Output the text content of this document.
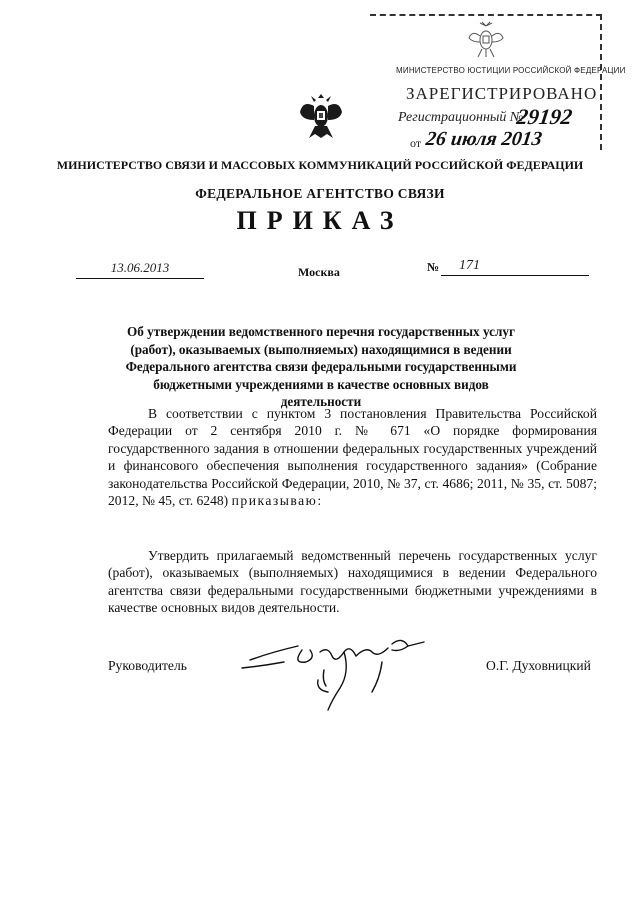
МИНИСТЕРСТВО ЮСТИЦИИ РОССИЙСКОЙ ФЕДЕРАЦИИ
ЗАРЕГИСТРИРОВАНО
Регистрационный №
29192
от 26 июля 2013
МИНИСТЕРСТВО СВЯЗИ И МАССОВЫХ КОММУНИКАЦИЙ РОССИЙСКОЙ ФЕДЕРАЦИИ
ФЕДЕРАЛЬНОЕ АГЕНТСТВО СВЯЗИ
ПРИКАЗ
13.06.2013	Москва	№	171
Об утверждении ведомственного перечня государственных услуг (работ), оказываемых (выполняемых) находящимися в ведении Федерального агентства связи федеральными государственными бюджетными учреждениями в качестве основных видов деятельности
В соответствии с пунктом 3 постановления Правительства Российской Федерации от 2 сентября 2010 г. № 671 «О порядке формирования государственного задания в отношении федеральных государственных учреждений и финансового обеспечения выполнения государственного задания» (Собрание законодательства Российской Федерации, 2010, № 37, ст. 4686; 2011, № 35, ст. 5087; 2012, № 45, ст. 6248) приказываю:
Утвердить прилагаемый ведомственный перечень государственных услуг (работ), оказываемых (выполняемых) находящимися в ведении Федерального агентства связи федеральными государственными бюджетными учреждениями в качестве основных видов деятельности.
Руководитель	О.Г. Духовницкий
